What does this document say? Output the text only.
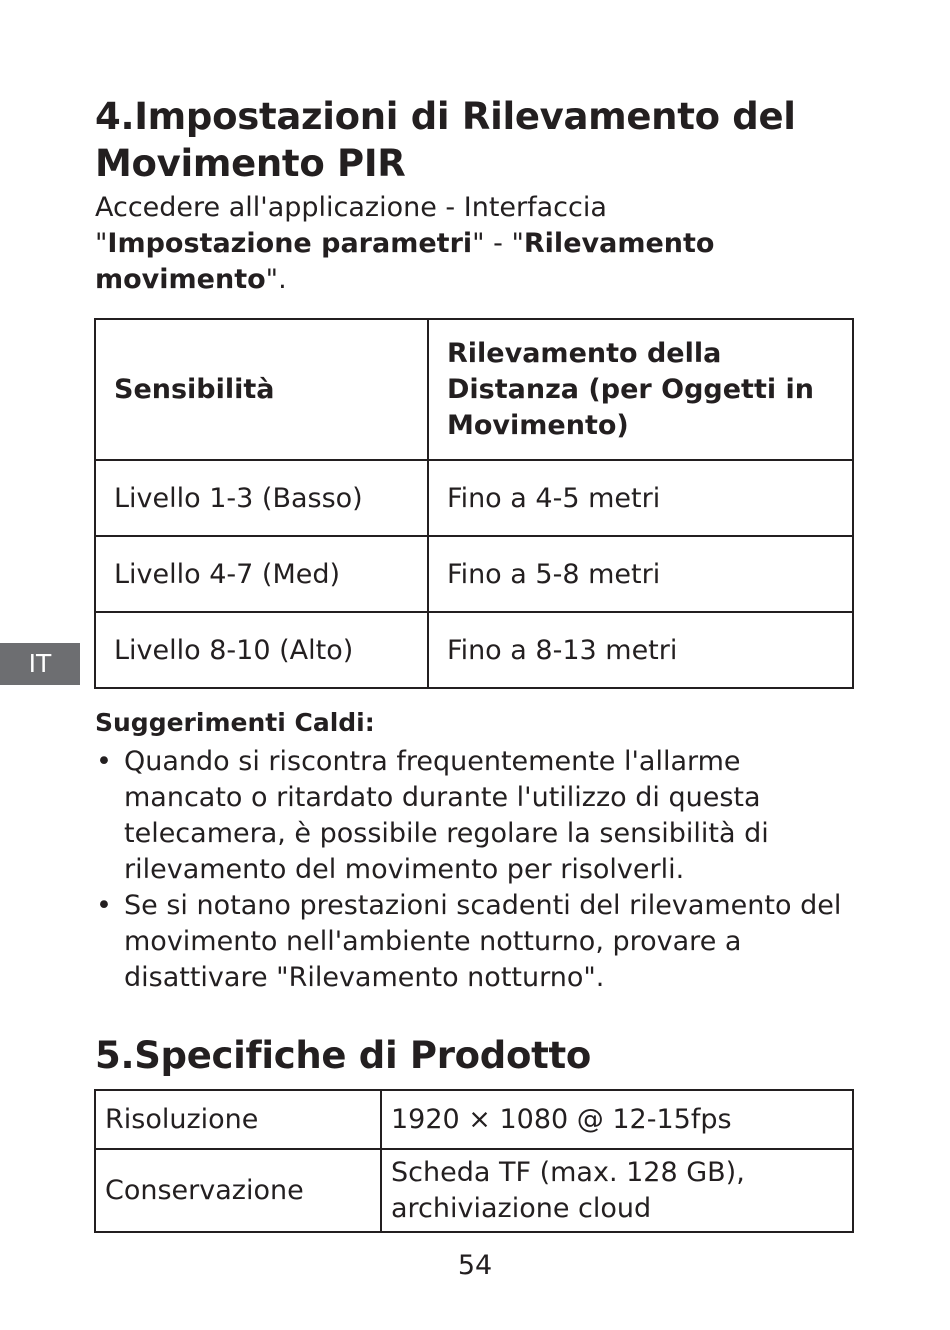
4.Impostazioni di Rilevamento del
Movimento PIR
Accedere all'applicazione - Interfaccia
"Impostazione parametri" - "Rilevamento movimento".
Sensibilità	Rilevamento della Distanza (per Oggetti in Movimento)
Livello 1-3 (Basso)	Fino a 4-5 metri
Livello 4-7 (Med)	Fino a 5-8 metri
Livello 8-10 (Alto)	Fino a 8-13 metri
Suggerimenti Caldi:
• Quando si riscontra frequentemente l'allarme mancato o ritardato durante l'utilizzo di questa telecamera, è possibile regolare la sensibilità di rilevamento del movimento per risolverli.
• Se si notano prestazioni scadenti del rilevamento del movimento nell'ambiente notturno, provare a disattivare "Rilevamento notturno".
5.Specifiche di Prodotto
Risoluzione	1920 × 1080 @ 12-15fps
Conservazione	Scheda TF (max. 128 GB), archiviazione cloud
IT
54
